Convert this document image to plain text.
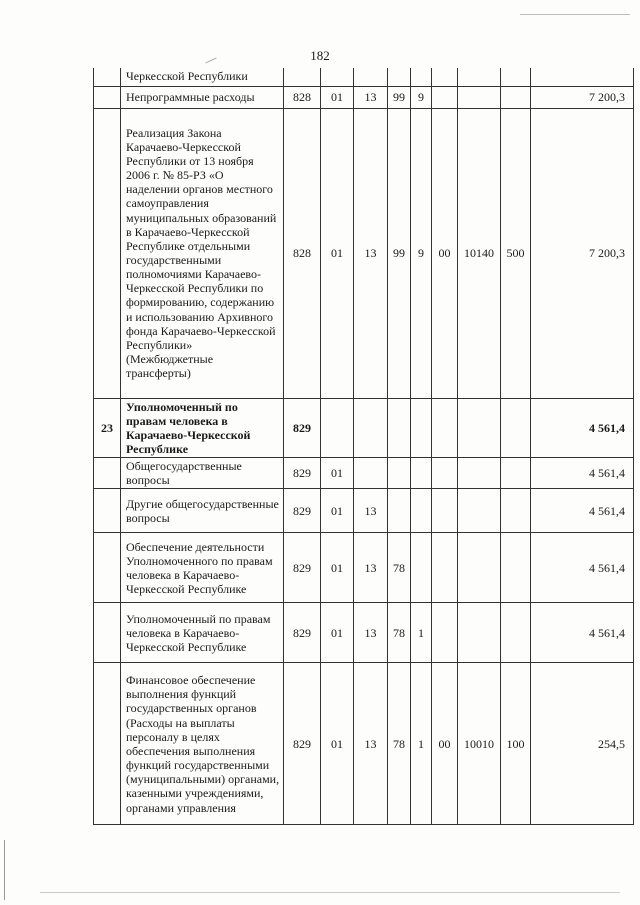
182
	Черкесской Республики									
	Непрограммные расходы	828	01	13	99	9				7 200,3
	Реализация Закона Карачаево-Черкесской Республики от 13 ноября 2006 г. № 85-РЗ «О наделении органов местного самоуправления муниципальных образований в Карачаево-Черкесской Республике отдельными государственными полномочиями Карачаево-Черкесской Республики по формированию, содержанию и использованию Архивного фонда Карачаево-Черкесской Республики» (Межбюджетные трансферты)	828	01	13	99	9	00	10140	500	7 200,3
23	Уполномоченный по правам человека в Карачаево-Черкесской Республике	829								4 561,4
	Общегосударственные вопросы	829	01							4 561,4
	Другие общегосударственные вопросы	829	01	13						4 561,4
	Обеспечение деятельности Уполномоченного по правам человека в Карачаево-Черкесской Республике	829	01	13	78					4 561,4
	Уполномоченный по правам человека в Карачаево-Черкесской Республике	829	01	13	78	1				4 561,4
	Финансовое обеспечение выполнения функций государственных органов (Расходы на выплаты персоналу в целях обеспечения выполнения функций государственными (муниципальными) органами, казенными учреждениями, органами управления	829	01	13	78	1	00	10010	100	254,5
